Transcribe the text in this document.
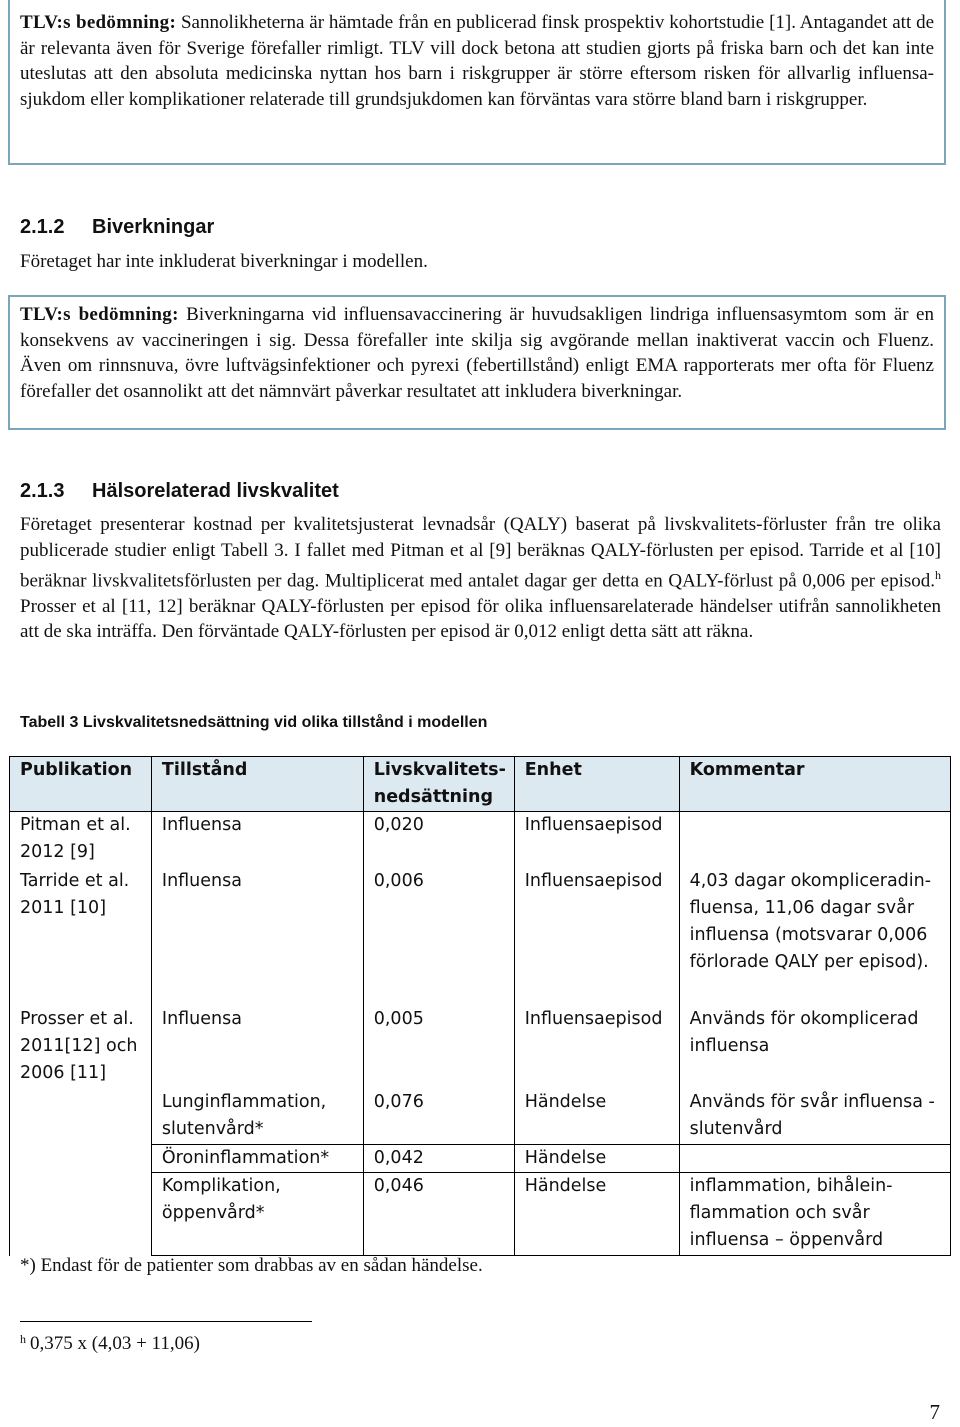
TLV:s bedömning: Sannolikheterna är hämtade från en publicerad finsk prospektiv kohortstudie [1]. Antagandet att de är relevanta även för Sverige förefaller rimligt. TLV vill dock betona att studien gjorts på friska barn och det kan inte uteslutas att den absoluta medicinska nyttan hos barn i riskgrupper är större eftersom risken för allvarlig influensa-sjukdom eller komplikationer relaterade till grundsjukdomen kan förväntas vara större bland barn i riskgrupper.

2.1.2 Biverkningar

Företaget har inte inkluderat biverkningar i modellen.

TLV:s bedömning: Biverkningarna vid influensavaccinering är huvudsakligen lindriga influensasymtom som är en konsekvens av vaccineringen i sig. Dessa förefaller inte skilja sig avgörande mellan inaktiverat vaccin och Fluenz. Även om rinnsnuva, övre luftvägsinfektioner och pyrexi (febertillstånd) enligt EMA rapporterats mer ofta för Fluenz förefaller det osannolikt att det nämnvärt påverkar resultatet att inkludera biverkningar.

2.1.3 Hälsorelaterad livskvalitet

Företaget presenterar kostnad per kvalitetsjusterat levnadsår (QALY) baserat på livskvalitets-förluster från tre olika publicerade studier enligt Tabell 3. I fallet med Pitman et al [9] beräknas QALY-förlusten per episod. Tarride et al [10] beräknar livskvalitetsförlusten per dag. Multiplicerat med antalet dagar ger detta en QALY-förlust på 0,006 per episod.$^h$ Prosser et al [11, 12] beräknar QALY-förlusten per episod för olika influensarelaterade händelser utifrån sannolikheten att de ska inträffa. Den förväntade QALY-förlusten per episod är 0,012 enligt detta sätt att räkna.

Tabell 3 Livskvalitetsnedsättning vid olika tillstånd i modellen
Publikation	Tillstånd	Livskvalitets-nedsättning	Enhet	Kommentar
Pitman et al. 2012 [9]	Influensa	0,020	Influensaepisod	
Tarride et al. 2011 [10]	Influensa	0,006	Influensaepisod	4,03 dagar okompliceradin-fluensa, 11,06 dagar svår influensa (motsvarar 0,006 förlorade QALY per episod).
Prosser et al. 2011[12] och 2006 [11]	Influensa	0,005	Influensaepisod	Används för okomplicerad influensa
	Lunginflammation, slutenvård*	0,076	Händelse	Används för svår influensa - slutenvård
	Öroninflammation*	0,042	Händelse	
	Komplikation, öppenvård*	0,046	Händelse	inflammation, bihålein-flammation och svår influensa – öppenvård
*) Endast för de patienter som drabbas av en sådan händelse.
$^h$ 0,375 x (4,03 + 11,06)
7
